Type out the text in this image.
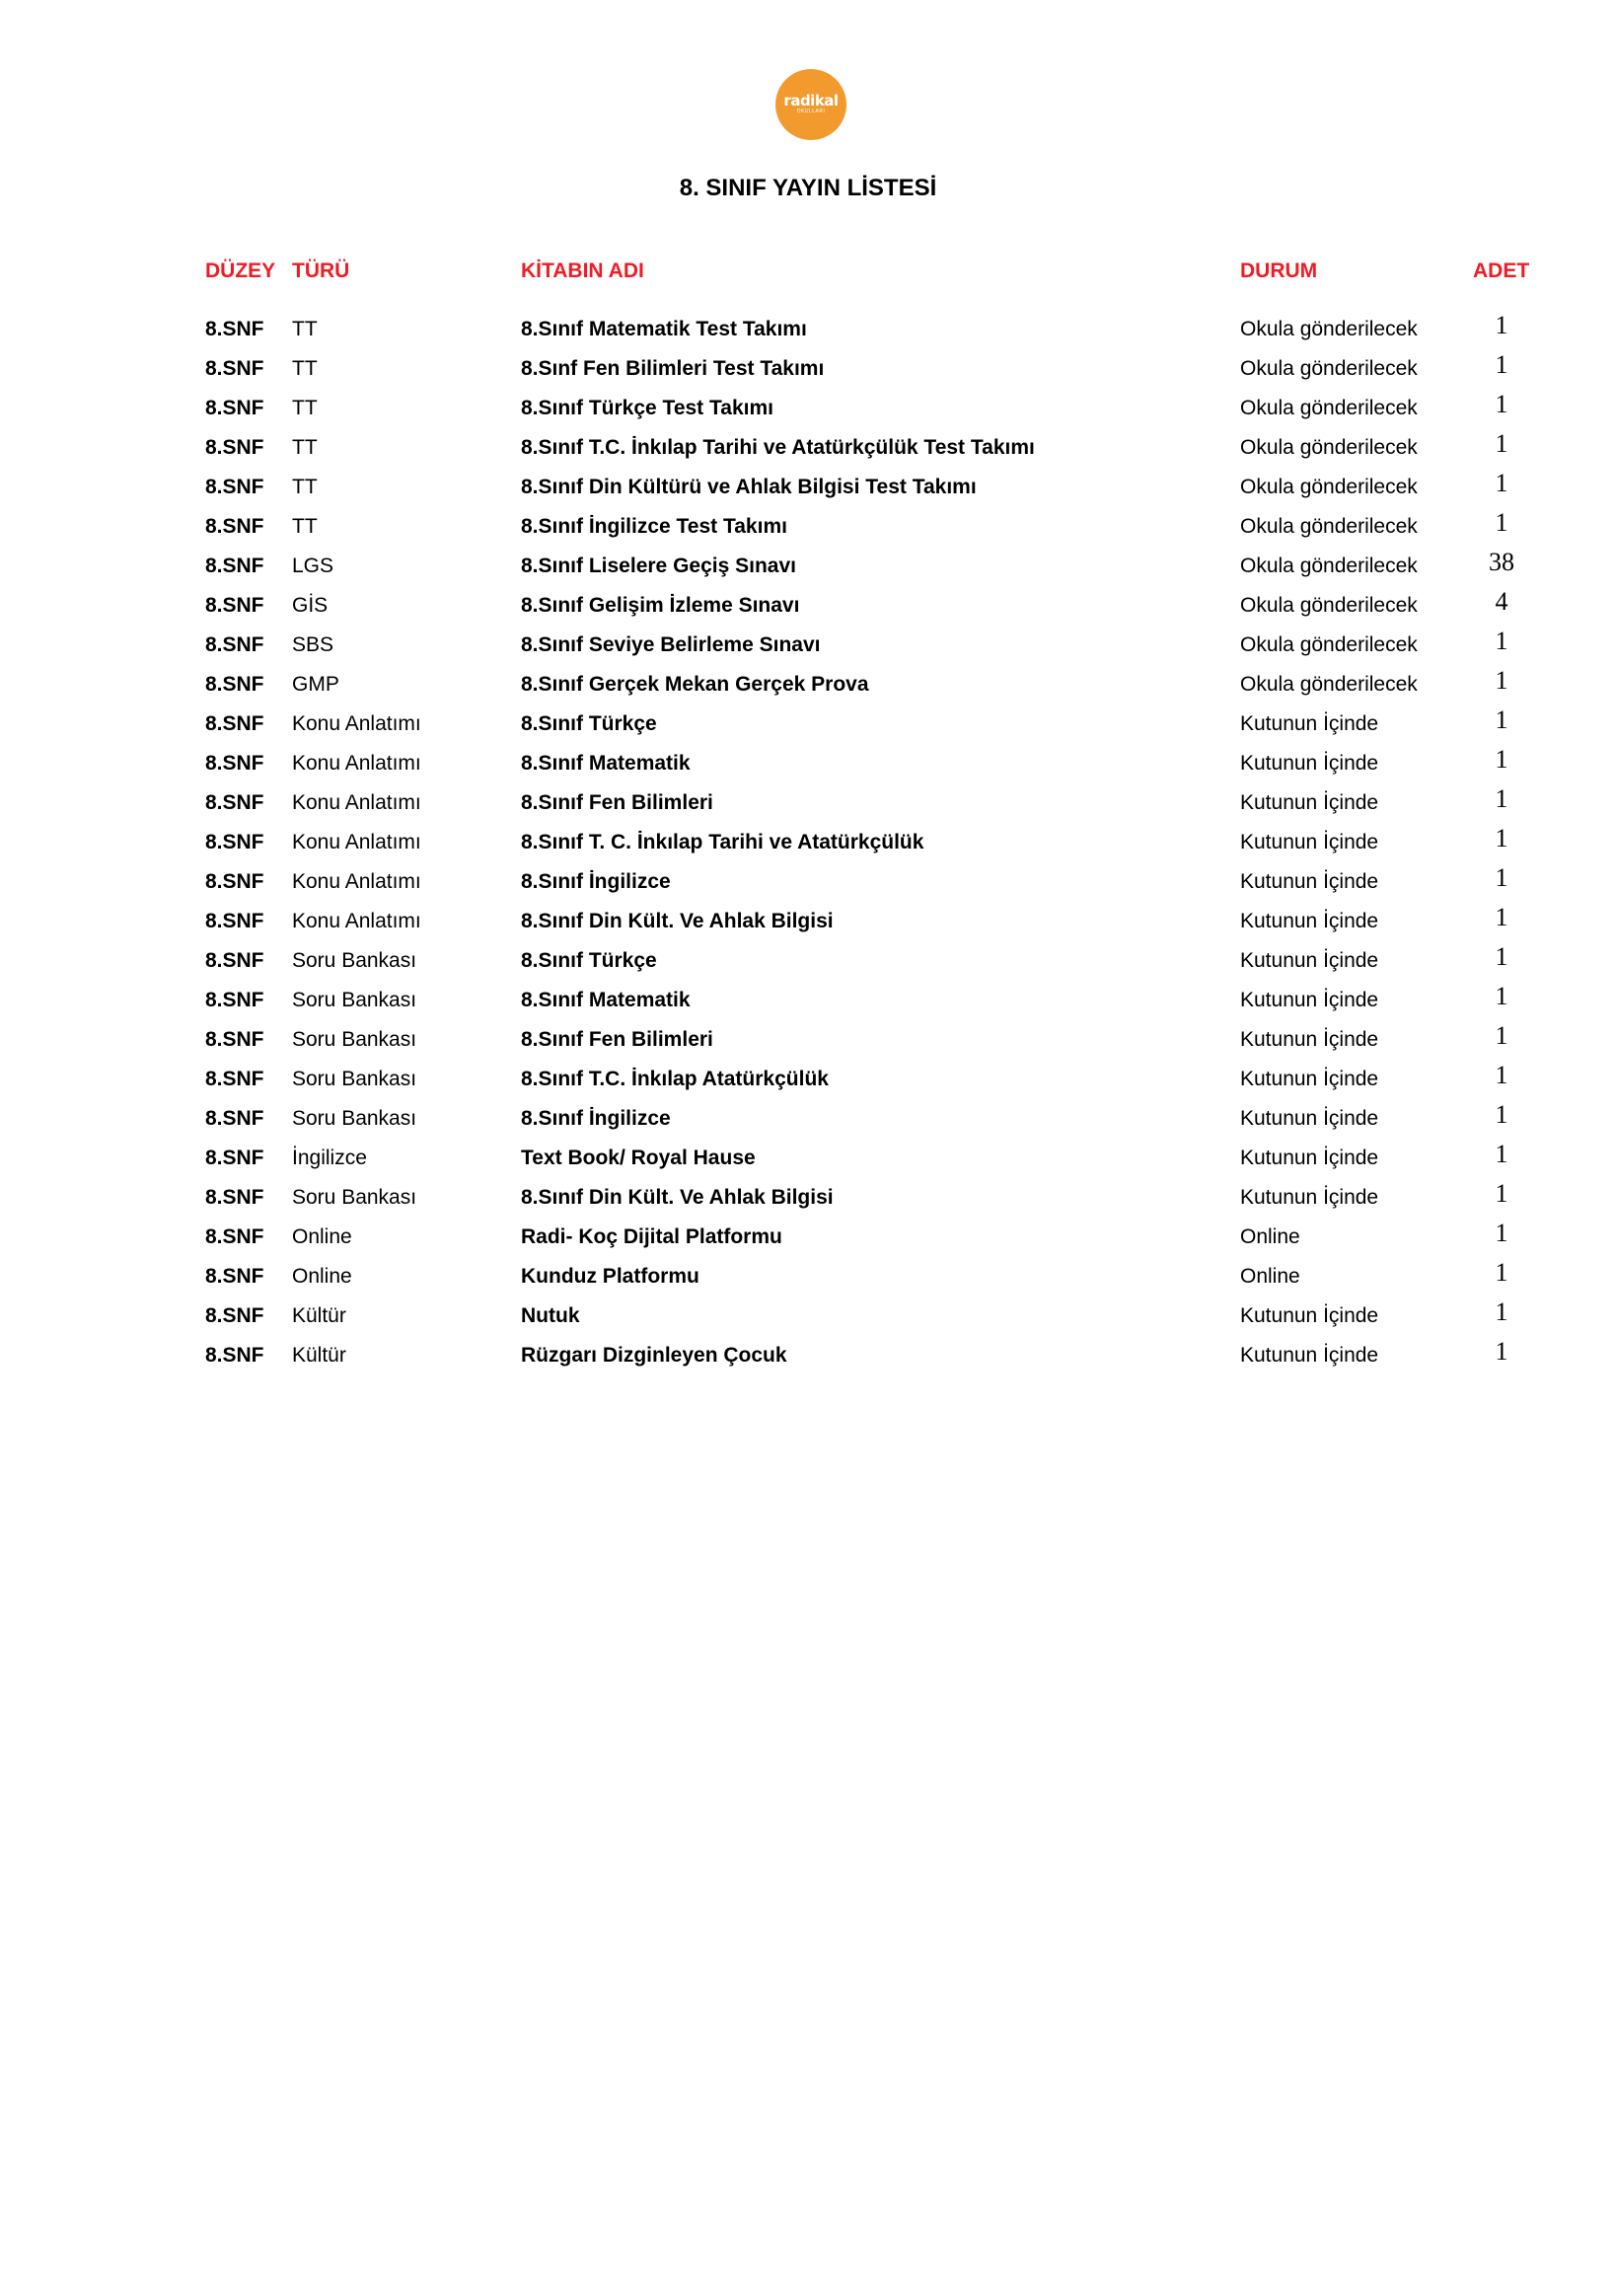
radikal
OKULLARI
8. SINIF YAYIN LİSTESİ
DÜZEY TÜRÜ	KİTABIN ADI	DURUM	ADET
8.SNF TT	8.Sınıf Matematik Test Takımı	Okula gönderilecek	1
8.SNF TT	8.Sınf Fen Bilimleri Test Takımı	Okula gönderilecek	1
8.SNF TT	8.Sınıf Türkçe Test Takımı	Okula gönderilecek	1
8.SNF TT	8.Sınıf T.C. İnkılap Tarihi ve Atatürkçülük Test Takımı	Okula gönderilecek	1
8.SNF TT	8.Sınıf Din Kültürü ve Ahlak Bilgisi Test Takımı	Okula gönderilecek	1
8.SNF TT	8.Sınıf İngilizce Test Takımı	Okula gönderilecek	1
8.SNF LGS	8.Sınıf Liselere Geçiş Sınavı	Okula gönderilecek	38
8.SNF GİS	8.Sınıf Gelişim İzleme Sınavı	Okula gönderilecek	4
8.SNF SBS	8.Sınıf Seviye Belirleme Sınavı	Okula gönderilecek	1
8.SNF GMP	8.Sınıf Gerçek Mekan Gerçek Prova	Okula gönderilecek	1
8.SNF Konu Anlatımı	8.Sınıf Türkçe	Kutunun İçinde	1
8.SNF Konu Anlatımı	8.Sınıf Matematik	Kutunun İçinde	1
8.SNF Konu Anlatımı	8.Sınıf Fen Bilimleri	Kutunun İçinde	1
8.SNF Konu Anlatımı	8.Sınıf T. C. İnkılap Tarihi ve Atatürkçülük	Kutunun İçinde	1
8.SNF Konu Anlatımı	8.Sınıf İngilizce	Kutunun İçinde	1
8.SNF Konu Anlatımı	8.Sınıf Din Kült. Ve Ahlak Bilgisi	Kutunun İçinde	1
8.SNF Soru Bankası	8.Sınıf Türkçe	Kutunun İçinde	1
8.SNF Soru Bankası	8.Sınıf Matematik	Kutunun İçinde	1
8.SNF Soru Bankası	8.Sınıf Fen Bilimleri	Kutunun İçinde	1
8.SNF Soru Bankası	8.Sınıf T.C. İnkılap Atatürkçülük	Kutunun İçinde	1
8.SNF Soru Bankası	8.Sınıf İngilizce	Kutunun İçinde	1
8.SNF İngilizce	Text Book/ Royal Hause	Kutunun İçinde	1
8.SNF Soru Bankası	8.Sınıf Din Kült. Ve Ahlak Bilgisi	Kutunun İçinde	1
8.SNF Online	Radi- Koç Dijital Platformu	Online	1
8.SNF Online	Kunduz Platformu	Online	1
8.SNF Kültür	Nutuk	Kutunun İçinde	1
8.SNF Kültür	Rüzgarı Dizginleyen Çocuk	Kutunun İçinde	1
